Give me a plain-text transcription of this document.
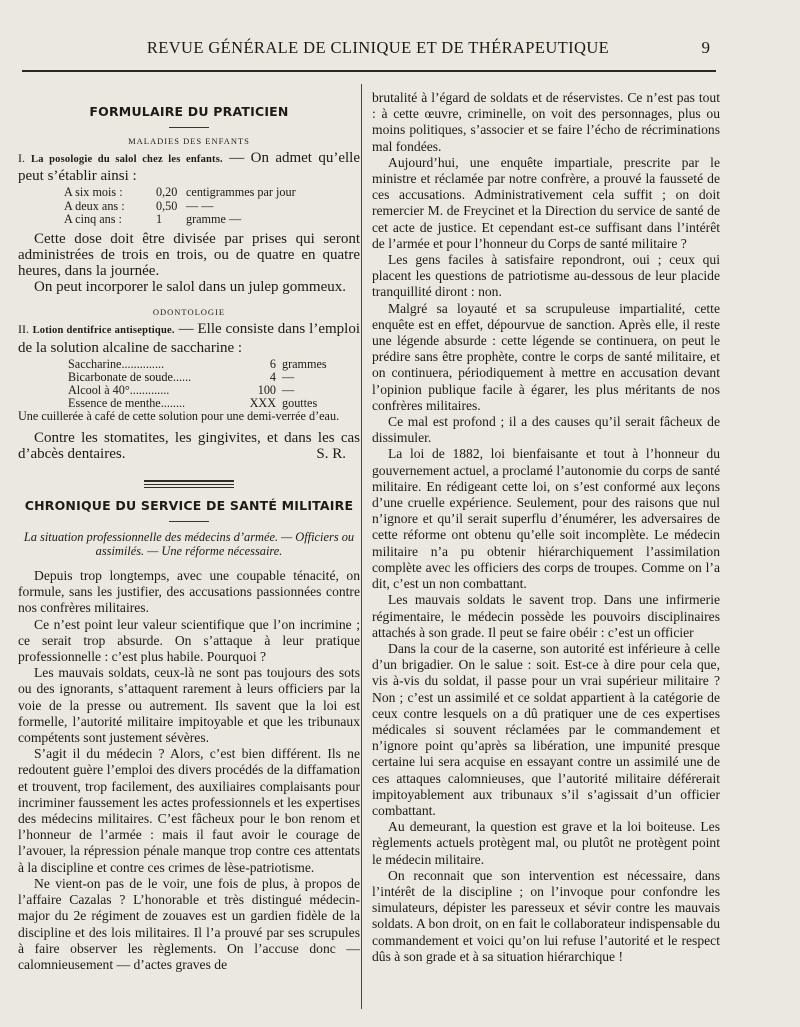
REVUE GÉNÉRALE DE CLINIQUE ET DE THÉRAPEUTIQUE	9
FORMULAIRE DU PRATICIEN
MALADIES DES ENFANTS

I. La posologie du salol chez les enfants. — On admet qu’elle peut s’établir ainsi :

A six mois :	0,20	centigrammes par jour
A deux ans :	0,50	— —
A cinq ans :	1	gramme —

Cette dose doit être divisée par prises qui seront administrées de trois en trois, ou de quatre en quatre heures, dans la journée.

On peut incorporer le salol dans un julep gommeux.

ODONTOLOGIE

II. Lotion dentifrice antiseptique. — Elle consiste dans l’emploi de la solution alcaline de saccharine :

Saccharine..............	6	grammes
Bicarbonate de soude......	4	—
Alcool à 40°.............	100	—
Essence de menthe........	XXX	gouttes

Une cuillerée à café de cette solution pour une demi-verrée d’eau.

Contre les stomatites, les gingivites, et dans les cas d’abcès dentaires.	S. R.

CHRONIQUE DU SERVICE DE SANTÉ MILITAIRE

La situation professionnelle des médecins d’armée. — Officiers ou assimilés. — Une réforme nécessaire.

Depuis trop longtemps, avec une coupable ténacité, on formule, sans les justifier, des accusations passionnées contre nos confrères militaires.

Ce n’est point leur valeur scientifique que l’on incrimine ; ce serait trop absurde. On s’attaque à leur pratique professionnelle : c’est plus habile. Pourquoi ?

Les mauvais soldats, ceux-là ne sont pas toujours des sots ou des ignorants, s’attaquent rarement à leurs officiers par la voie de la presse ou autrement. Ils savent que la loi est formelle, l’autorité militaire impitoyable et que les tribunaux compétents sont justement sévères.

S’agit il du médecin ? Alors, c’est bien différent. Ils ne redoutent guère l’emploi des divers procédés de la diffamation et trouvent, trop facilement, des auxiliaires complaisants pour incriminer faussement les actes professionnels et les expertises des médecins militaires. C’est fâcheux pour le bon renom et l’honneur de l’armée : mais il faut avoir le courage de l’avouer, la répression pénale manque trop contre ces attentats à la discipline et contre ces crimes de lèse-patriotisme.

Ne vient-on pas de le voir, une fois de plus, à propos de l’affaire Cazalas ? L’honorable et très distingué médecin-major du 2e régiment de zouaves est un gardien fidèle de la discipline et des lois militaires. Il l’a prouvé par ses scrupules à faire observer les règlements. On l’accuse donc — calomnieusement — d’actes graves de

brutalité à l’égard de soldats et de réservistes. Ce n’est pas tout : à cette œuvre, criminelle, on voit des personnages, plus ou moins politiques, s’associer et se faire l’écho de récriminations mal fondées.

Aujourd’hui, une enquête impartiale, prescrite par le ministre et réclamée par notre confrère, a prouvé la fausseté de ces accusations. Administrativement cela suffit ; on doit remercier M. de Freycinet et la Direction du service de santé de cet acte de justice. Et cependant est-ce suffisant dans l’intérêt de l’armée et pour l’honneur du Corps de santé militaire ?

Les gens faciles à satisfaire repondront, oui ; ceux qui placent les questions de patriotisme au-dessous de leur placide tranquillité diront : non.

Malgré sa loyauté et sa scrupuleuse impartialité, cette enquête est en effet, dépourvue de sanction. Après elle, il reste une légende absurde : cette légende se continuera, on peut le prédire sans être prophète, contre le corps de santé militaire, et on continuera, périodiquement à mettre en accusation devant l’opinion publique facile à égarer, les plus méritants de nos confrères militaires.

Ce mal est profond ; il a des causes qu’il serait fâcheux de dissimuler.

La loi de 1882, loi bienfaisante et tout à l’honneur du gouvernement actuel, a proclamé l’autonomie du corps de santé militaire. En rédigeant cette loi, on s’est conformé aux leçons d’une cruelle expérience. Seulement, pour des raisons que nul n’ignore et qu’il serait superflu d’énumérer, les adversaires de cette réforme ont obtenu qu’elle soit incomplète. Le médecin militaire n’a pu obtenir hiérarchiquement l’assimilation complète avec les officiers des corps de troupes. Comme on l’a dit, c’est un non combattant.

Les mauvais soldats le savent trop. Dans une infirmerie régimentaire, le médecin possède les pouvoirs disciplinaires attachés à son grade. Il peut se faire obéir : c’est un officier

Dans la cour de la caserne, son autorité est inférieure à celle d’un brigadier. On le salue : soit. Est-ce à dire pour cela que, vis à-vis du soldat, il passe pour un vrai supérieur militaire ? Non ; c’est un assimilé et ce soldat appartient à la catégorie de ceux contre lesquels on a dû pratiquer une de ces expertises médicales si souvent réclamées par le commandement et n’ignore point qu’après sa libération, une impunité presque certaine lui sera acquise en essayant contre un assimilé une de ces attaques calomnieuses, que l’autorité militaire déférerait impitoyablement aux tribunaux s’il s’agissait d’un officier combattant.

Au demeurant, la question est grave et la loi boiteuse. Les règlements actuels protègent mal, ou plutôt ne protègent point le médecin militaire.

On reconnait que son intervention est nécessaire, dans l’intérêt de la discipline ; on l’invoque pour confondre les simulateurs, dépister les paresseux et sévir contre les mauvais soldats. A bon droit, on en fait le collaborateur indispensable du commandement et voici qu’on lui refuse l’autorité et le respect dûs à son grade et à sa situation hiérarchique !
